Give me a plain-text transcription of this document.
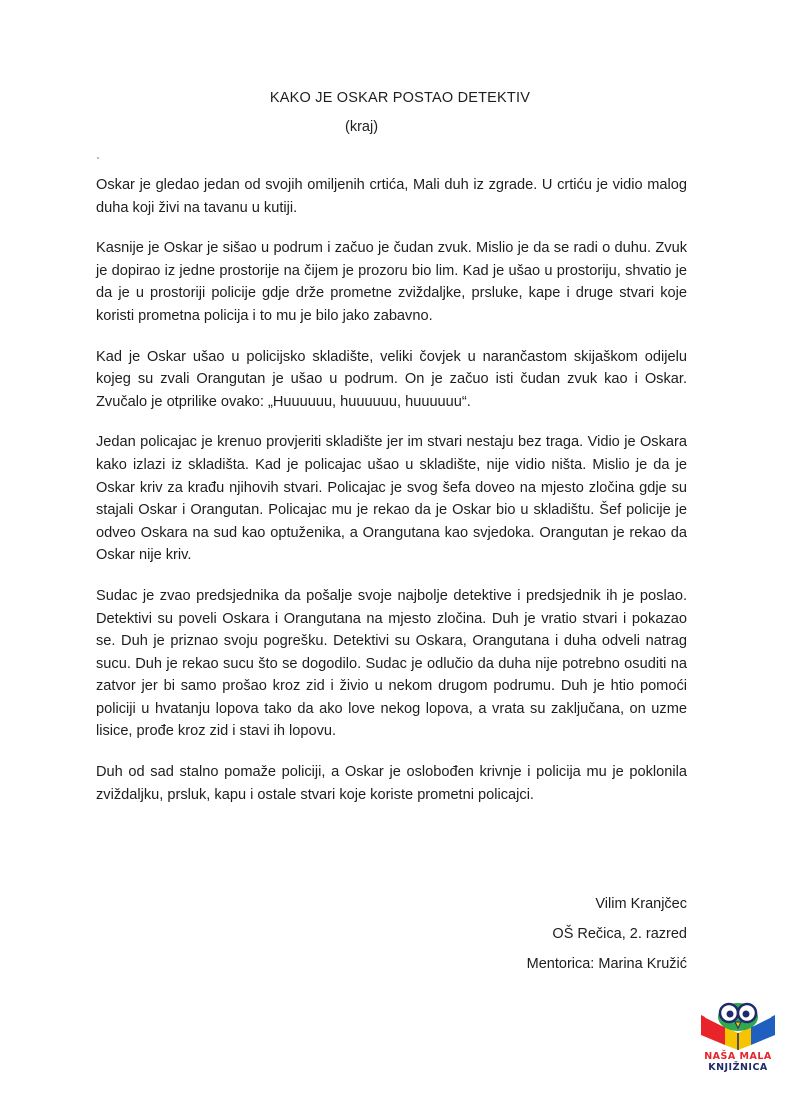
KAKO JE OSKAR POSTAO DETEKTIV
(kraj)

Oskar je gledao jedan od svojih omiljenih crtića, Mali duh iz zgrade. U crtiću je vidio malog duha koji živi na tavanu u kutiji.

Kasnije je Oskar je sišao u podrum i začuo je čudan zvuk. Mislio je da se radi o duhu. Zvuk je dopirao iz jedne prostorije na čijem je prozoru bio lim. Kad je ušao u prostoriju, shvatio je da je u prostoriji policije gdje drže prometne zviždaljke, prsluke, kape i druge stvari koje koristi prometna policija i to mu je bilo jako zabavno.

Kad je Oskar ušao u policijsko skladište, veliki čovjek u narančastom skijaškom odijelu kojeg su zvali Orangutan je ušao u podrum. On je začuo isti čudan zvuk kao i Oskar. Zvučalo je otprilike ovako: „Huuuuuu, huuuuuu, huuuuuu“.

Jedan policajac je krenuo provjeriti skladište jer im stvari nestaju bez traga. Vidio je Oskara kako izlazi iz skladišta. Kad je policajac ušao u skladište, nije vidio ništa. Mislio je da je Oskar kriv za krađu njihovih stvari. Policajac je svog šefa doveo na mjesto zločina gdje su stajali Oskar i Orangutan. Policajac mu je rekao da je Oskar bio u skladištu. Šef policije je odveo Oskara na sud kao optuženika, a Orangutana kao svjedoka. Orangutan je rekao da Oskar nije kriv.

Sudac je zvao predsjednika da pošalje svoje najbolje detektive i predsjednik ih je poslao. Detektivi su poveli Oskara i Orangutana na mjesto zločina. Duh je vratio stvari i pokazao se. Duh je priznao svoju pogrešku. Detektivi su Oskara, Orangutana i duha odveli natrag sucu. Duh je rekao sucu što se dogodilo. Sudac je odlučio da duha nije potrebno osuditi na zatvor jer bi samo prošao kroz zid i živio u nekom drugom podrumu. Duh je htio pomoći policiji u hvatanju lopova tako da ako love nekog lopova, a vrata su zaključana, on uzme lisice, prođe kroz zid i stavi ih lopovu.

Duh od sad stalno pomaže policiji, a Oskar je oslobođen krivnje i policija mu je poklonila zviždaljku, prsluk, kapu i ostale stvari koje koriste prometni policajci.

Vilim Kranjčec
OŠ Rečica, 2. razred
Mentorica: Marina Kružić
NAŠA MALA
KNJIŽNICA
